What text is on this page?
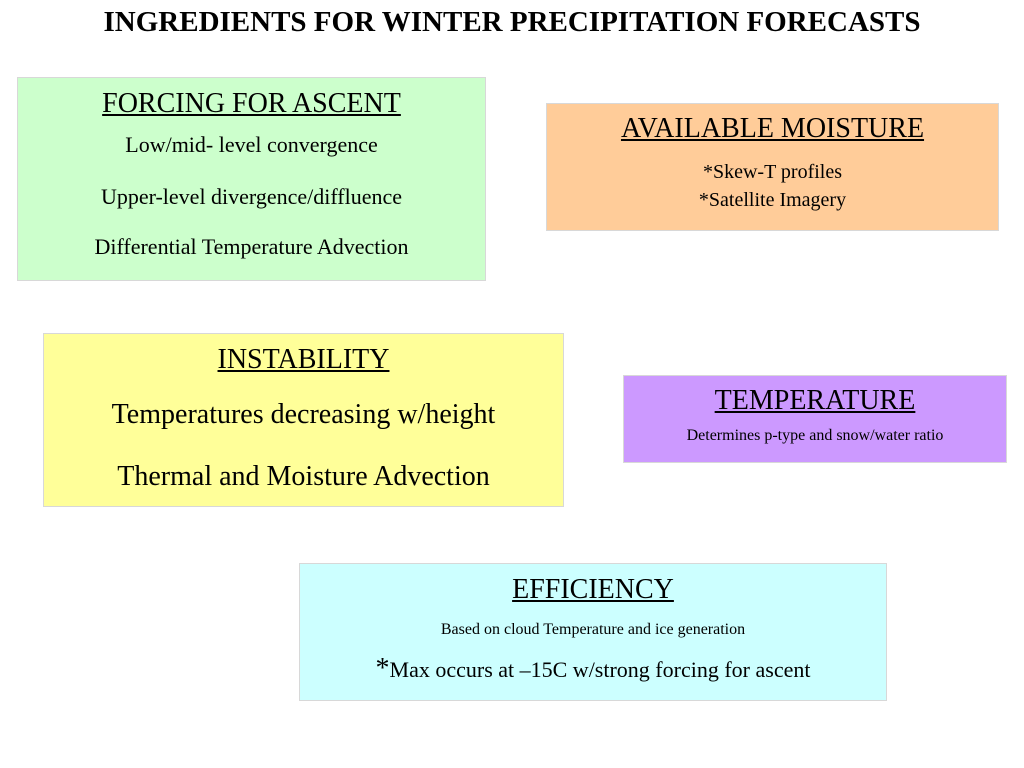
INGREDIENTS FOR WINTER PRECIPITATION FORECASTS
FORCING FOR ASCENT
Low/mid- level convergence
Upper-level divergence/diffluence
Differential Temperature Advection
AVAILABLE MOISTURE
*Skew-T profiles
*Satellite Imagery
INSTABILITY
Temperatures decreasing w/height
Thermal and Moisture Advection
TEMPERATURE
Determines p-type and snow/water ratio
EFFICIENCY
Based on cloud Temperature and ice generation
*Max occurs at –15C w/strong forcing for ascent
